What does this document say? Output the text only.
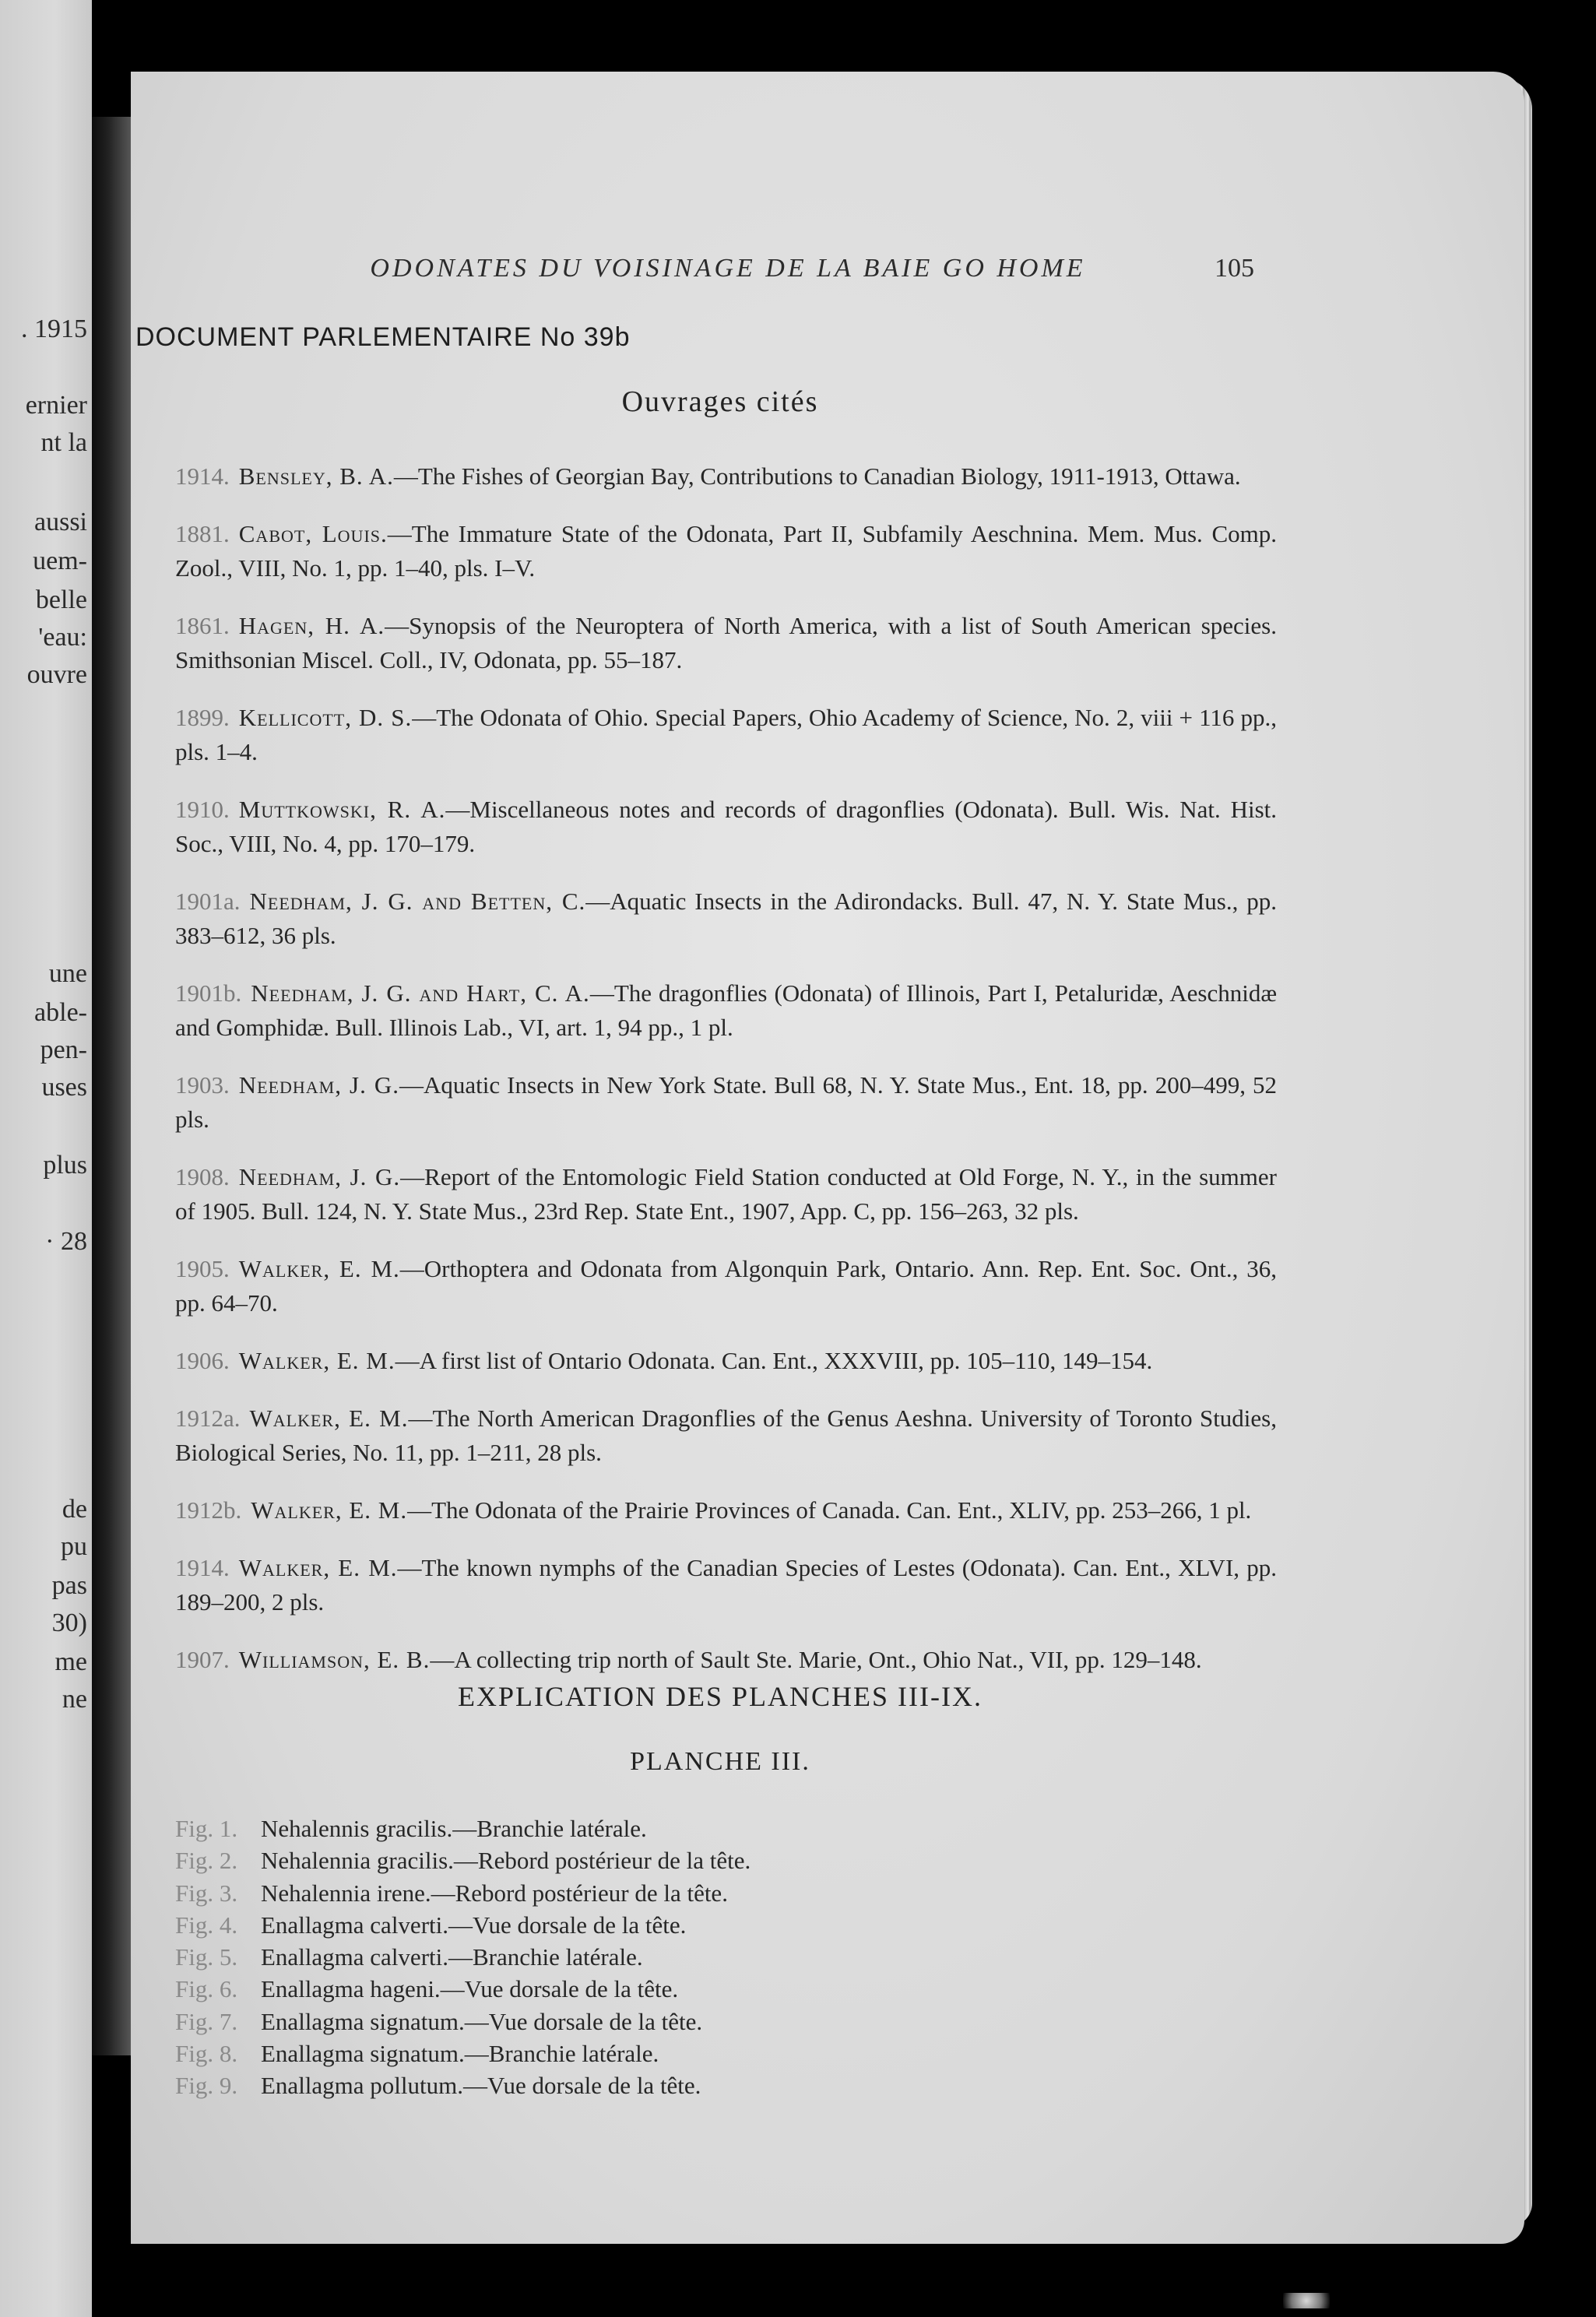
. 1915
ernier
nt la
aussi
uem-
belle
'eau:
ouvre
une
able-
pen-
uses
plus
· 28
de
pu
pas
30)
me
ne
ODONATES DU VOISINAGE DE LA BAIE GO HOME	105
DOCUMENT PARLEMENTAIRE No 39b
Ouvrages cités
1914. Bensley, B. A.—The Fishes of Georgian Bay, Contributions to Canadian Biology, 1911-1913, Ottawa.
1881. Cabot, Louis.—The Immature State of the Odonata, Part II, Subfamily Aeschnina. Mem. Mus. Comp. Zool., VIII, No. 1, pp. 1–40, pls. I–V.
1861. Hagen, H. A.—Synopsis of the Neuroptera of North America, with a list of South American species. Smithsonian Miscel. Coll., IV, Odonata, pp. 55–187.
1899. Kellicott, D. S.—The Odonata of Ohio. Special Papers, Ohio Academy of Science, No. 2, viii + 116 pp., pls. 1–4.
1910. Muttkowski, R. A.—Miscellaneous notes and records of dragonflies (Odonata). Bull. Wis. Nat. Hist. Soc., VIII, No. 4, pp. 170–179.
1901a. Needham, J. G. and Betten, C.—Aquatic Insects in the Adirondacks. Bull. 47, N. Y. State Mus., pp. 383–612, 36 pls.
1901b. Needham, J. G. and Hart, C. A.—The dragonflies (Odonata) of Illinois, Part I, Petaluridæ, Aeschnidæ and Gomphidæ. Bull. Illinois Lab., VI, art. 1, 94 pp., 1 pl.
1903. Needham, J. G.—Aquatic Insects in New York State. Bull 68, N. Y. State Mus., Ent. 18, pp. 200–499, 52 pls.
1908. Needham, J. G.—Report of the Entomologic Field Station conducted at Old Forge, N. Y., in the summer of 1905. Bull. 124, N. Y. State Mus., 23rd Rep. State Ent., 1907, App. C, pp. 156–263, 32 pls.
1905. Walker, E. M.—Orthoptera and Odonata from Algonquin Park, Ontario. Ann. Rep. Ent. Soc. Ont., 36, pp. 64–70.
1906. Walker, E. M.—A first list of Ontario Odonata. Can. Ent., XXXVIII, pp. 105–110, 149–154.
1912a. Walker, E. M.—The North American Dragonflies of the Genus Aeshna. University of Toronto Studies, Biological Series, No. 11, pp. 1–211, 28 pls.
1912b. Walker, E. M.—The Odonata of the Prairie Provinces of Canada. Can. Ent., XLIV, pp. 253–266, 1 pl.
1914. Walker, E. M.—The known nymphs of the Canadian Species of Lestes (Odonata). Can. Ent., XLVI, pp. 189–200, 2 pls.
1907. Williamson, E. B.—A collecting trip north of Sault Ste. Marie, Ont., Ohio Nat., VII, pp. 129–148.
EXPLICATION DES PLANCHES III-IX.
PLANCHE III.
Fig. 1. Nehalennis gracilis.—Branchie latérale.
Fig. 2. Nehalennia gracilis.—Rebord postérieur de la tête.
Fig. 3. Nehalennia irene.—Rebord postérieur de la tête.
Fig. 4. Enallagma calverti.—Vue dorsale de la tête.
Fig. 5. Enallagma calverti.—Branchie latérale.
Fig. 6. Enallagma hageni.—Vue dorsale de la tête.
Fig. 7. Enallagma signatum.—Vue dorsale de la tête.
Fig. 8. Enallagma signatum.—Branchie latérale.
Fig. 9. Enallagma pollutum.—Vue dorsale de la tête.
